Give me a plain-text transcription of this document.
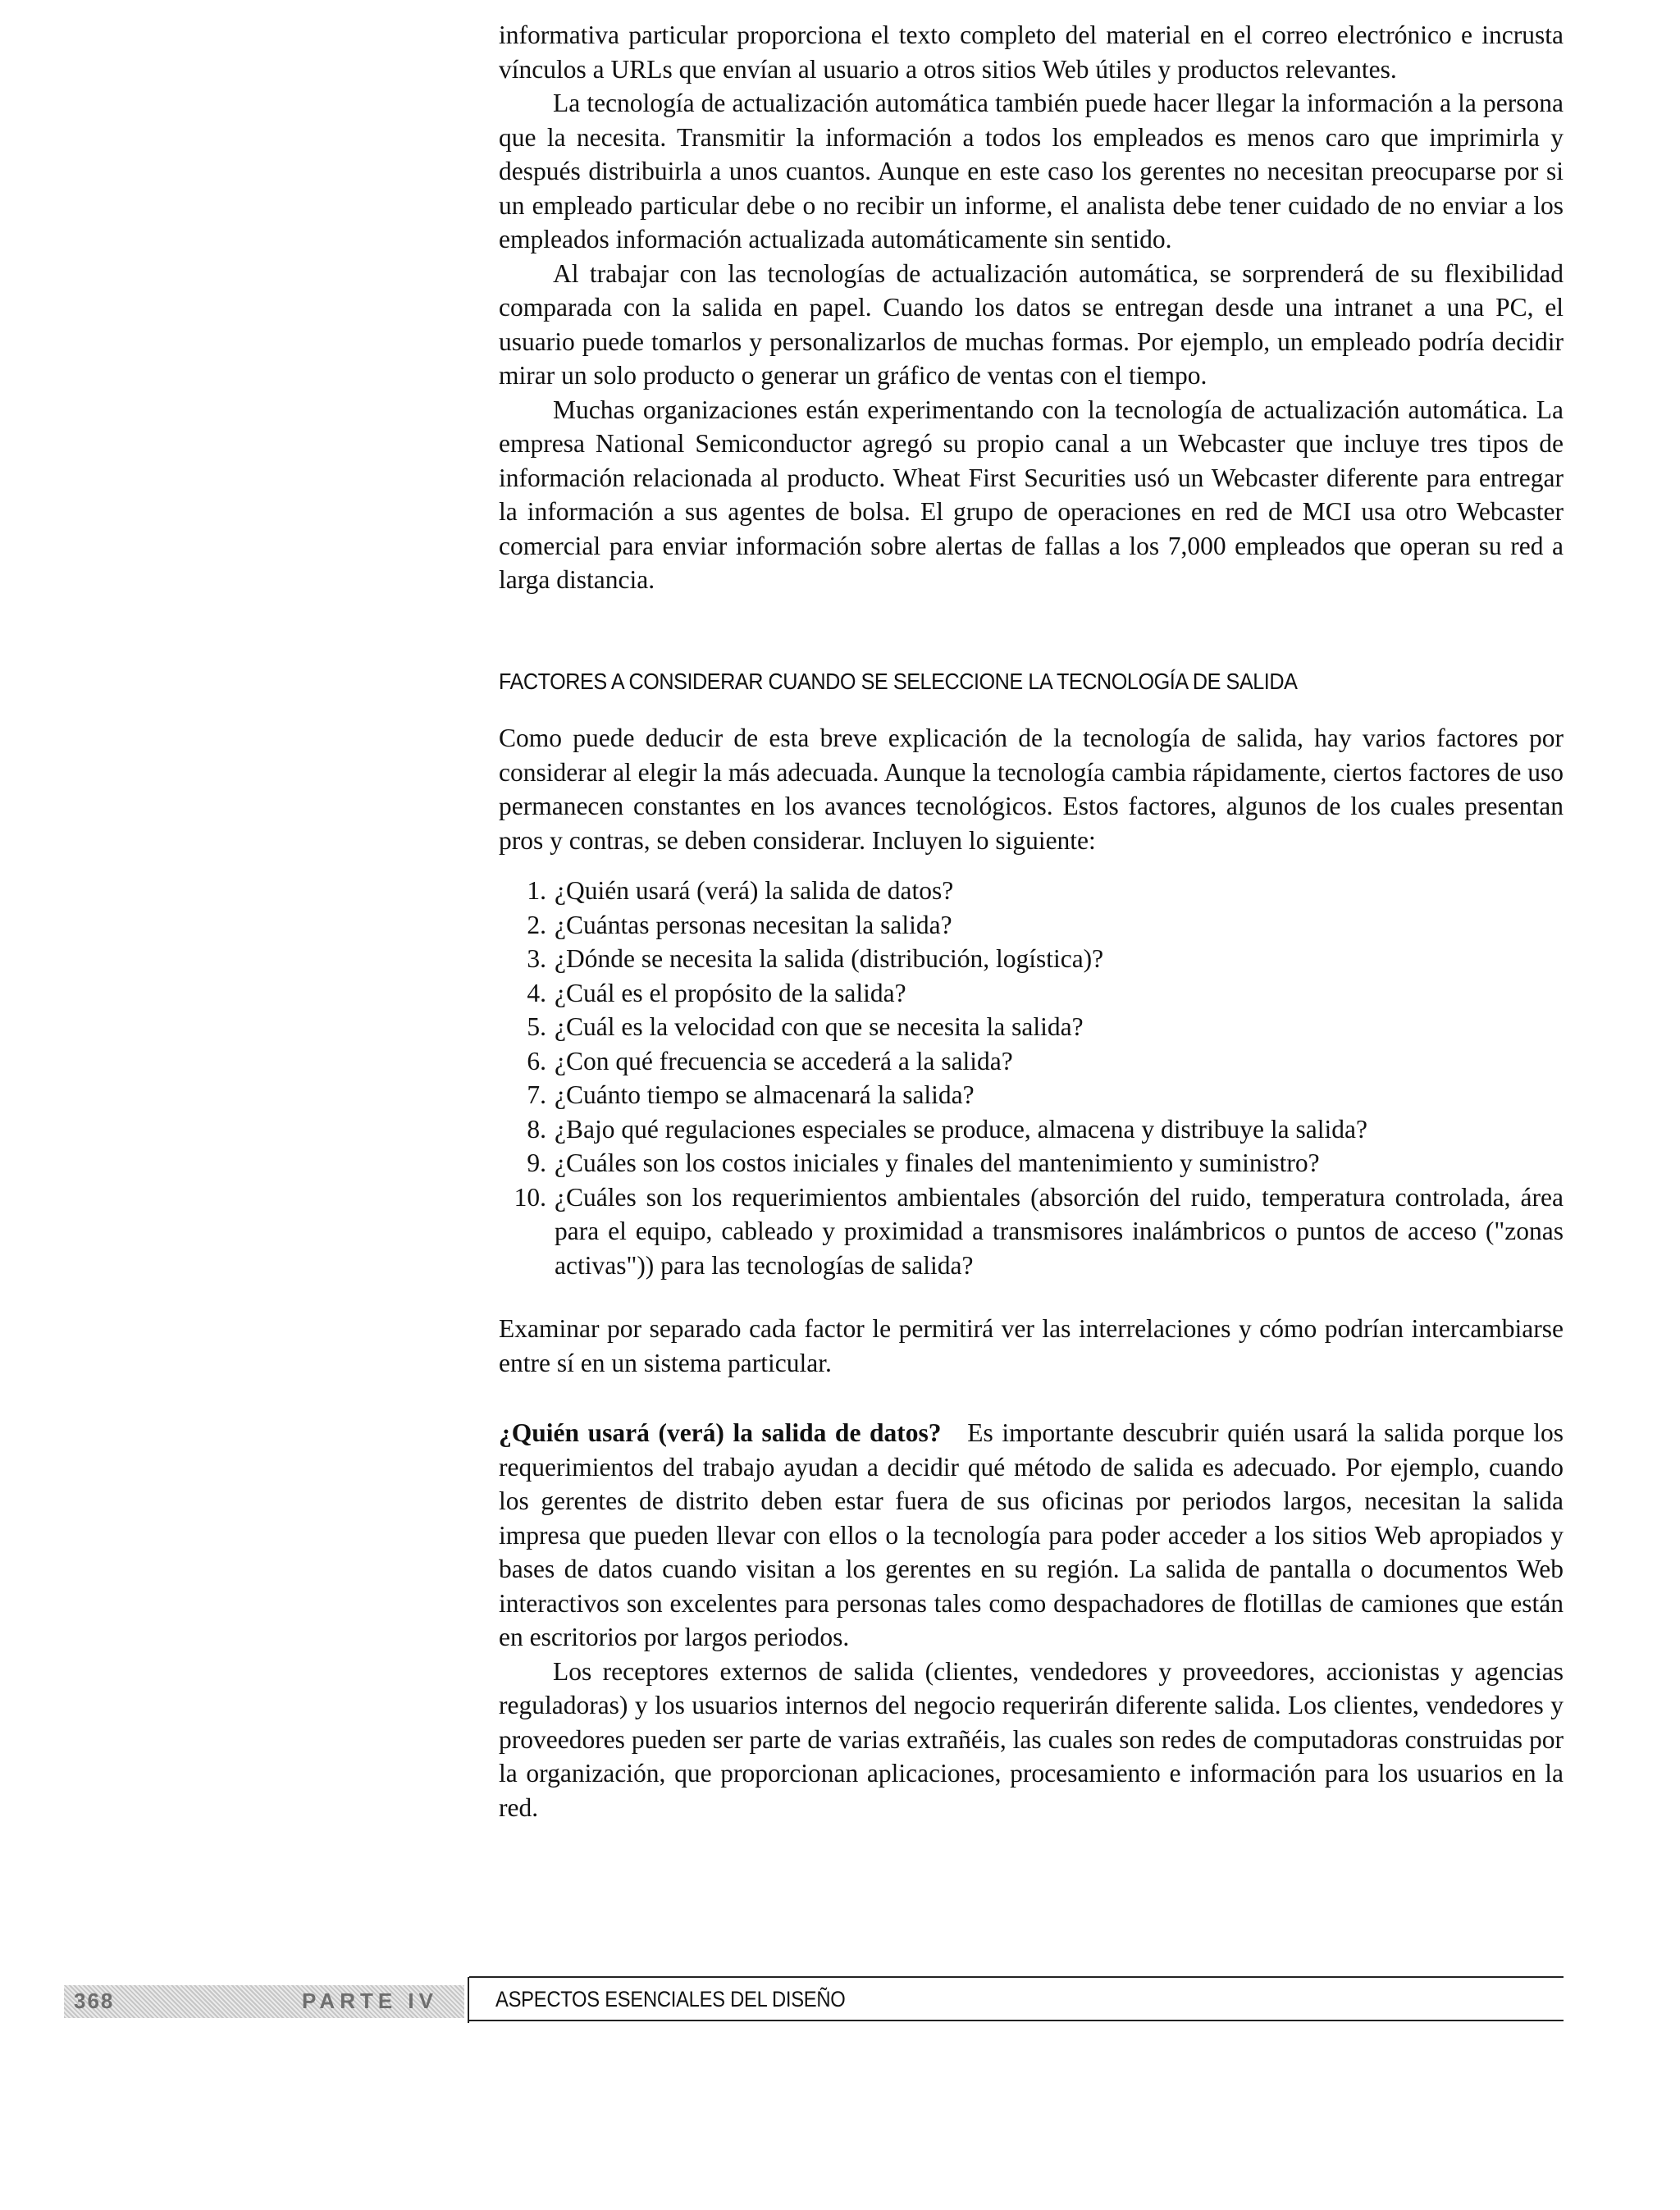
informativa particular proporciona el texto completo del material en el correo electrónico e incrusta vínculos a URLs que envían al usuario a otros sitios Web útiles y productos relevantes.

La tecnología de actualización automática también puede hacer llegar la información a la persona que la necesita. Transmitir la información a todos los empleados es menos caro que imprimirla y después distribuirla a unos cuantos. Aunque en este caso los gerentes no necesitan preocuparse por si un empleado particular debe o no recibir un informe, el analista debe tener cuidado de no enviar a los empleados información actualizada automáticamente sin sentido.

Al trabajar con las tecnologías de actualización automática, se sorprenderá de su flexibilidad comparada con la salida en papel. Cuando los datos se entregan desde una intranet a una PC, el usuario puede tomarlos y personalizarlos de muchas formas. Por ejemplo, un empleado podría decidir mirar un solo producto o generar un gráfico de ventas con el tiempo.

Muchas organizaciones están experimentando con la tecnología de actualización automática. La empresa National Semiconductor agregó su propio canal a un Webcaster que incluye tres tipos de información relacionada al producto. Wheat First Securities usó un Webcaster diferente para entregar la información a sus agentes de bolsa. El grupo de operaciones en red de MCI usa otro Webcaster comercial para enviar información sobre alertas de fallas a los 7,000 empleados que operan su red a larga distancia.

FACTORES A CONSIDERAR CUANDO SE SELECCIONE LA TECNOLOGÍA DE SALIDA

Como puede deducir de esta breve explicación de la tecnología de salida, hay varios factores por considerar al elegir la más adecuada. Aunque la tecnología cambia rápidamente, ciertos factores de uso permanecen constantes en los avances tecnológicos. Estos factores, algunos de los cuales presentan pros y contras, se deben considerar. Incluyen lo siguiente:

1. ¿Quién usará (verá) la salida de datos?
2. ¿Cuántas personas necesitan la salida?
3. ¿Dónde se necesita la salida (distribución, logística)?
4. ¿Cuál es el propósito de la salida?
5. ¿Cuál es la velocidad con que se necesita la salida?
6. ¿Con qué frecuencia se accederá a la salida?
7. ¿Cuánto tiempo se almacenará la salida?
8. ¿Bajo qué regulaciones especiales se produce, almacena y distribuye la salida?
9. ¿Cuáles son los costos iniciales y finales del mantenimiento y suministro?
10. ¿Cuáles son los requerimientos ambientales (absorción del ruido, temperatura controlada, área para el equipo, cableado y proximidad a transmisores inalámbricos o puntos de acceso ("zonas activas")) para las tecnologías de salida?

Examinar por separado cada factor le permitirá ver las interrelaciones y cómo podrían intercambiarse entre sí en un sistema particular.

¿Quién usará (verá) la salida de datos? Es importante descubrir quién usará la salida porque los requerimientos del trabajo ayudan a decidir qué método de salida es adecuado. Por ejemplo, cuando los gerentes de distrito deben estar fuera de sus oficinas por periodos largos, necesitan la salida impresa que pueden llevar con ellos o la tecnología para poder acceder a los sitios Web apropiados y bases de datos cuando visitan a los gerentes en su región. La salida de pantalla o documentos Web interactivos son excelentes para personas tales como despachadores de flotillas de camiones que están en escritorios por largos periodos.

Los receptores externos de salida (clientes, vendedores y proveedores, accionistas y agencias reguladoras) y los usuarios internos del negocio requerirán diferente salida. Los clientes, vendedores y proveedores pueden ser parte de varias extrañéis, las cuales son redes de computadoras construidas por la organización, que proporcionan aplicaciones, procesamiento e información para los usuarios en la red.

368	PARTE IV	ASPECTOS ESENCIALES DEL DISEÑO
